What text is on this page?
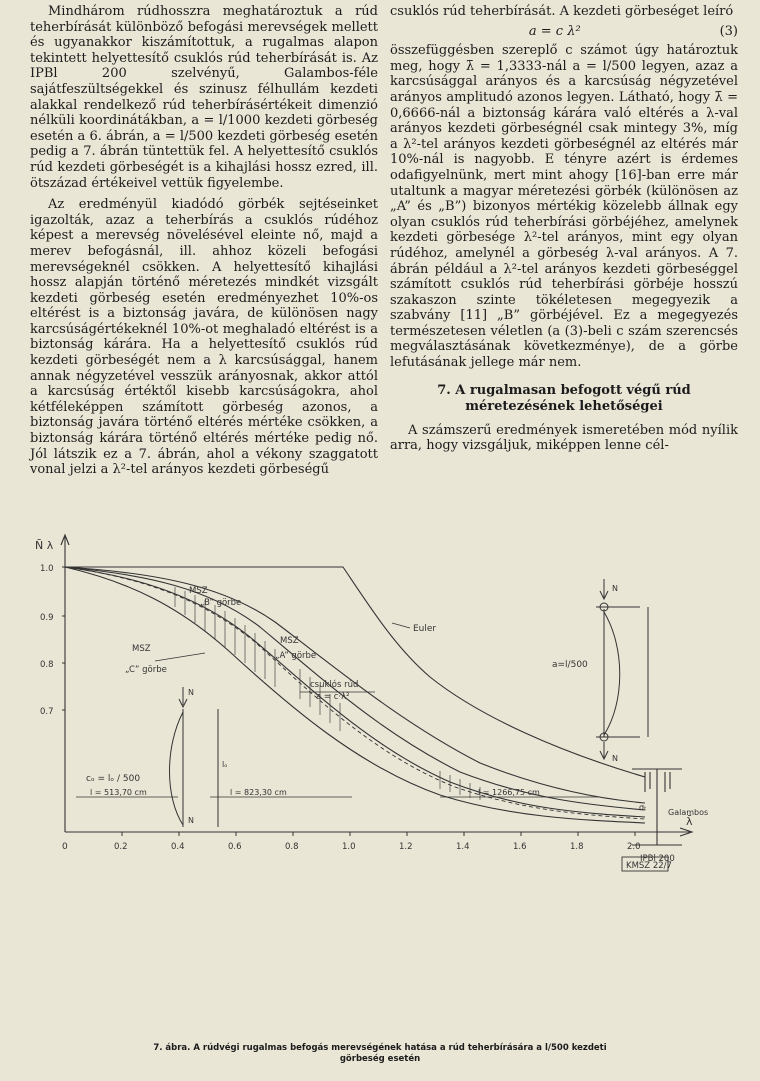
Mindhárom rúdhosszra meghatároztuk a rúd teherbírását különböző befogási merevségek mellett és ugyanakkor kiszámítottuk, a rugalmas alapon tekintett helyettesítő csuklós rúd teherbírását is. Az IPBl 200 szelvényű, Galambos-féle sajátfeszültségekkel és szinusz félhullám kezdeti alakkal rendelkező rúd teherbírásértékeit dimenzió nélküli koordinátákban, a = l/1000 kezdeti görbeség esetén a 6. ábrán, a = l/500 kezdeti görbeség esetén pedig a 7. ábrán tüntettük fel. A helyettesítő csuklós rúd kezdeti görbeségét is a kihajlási hossz ezred, ill. ötszázad értékeivel vettük figyelembe.

Az eredményül kiadódó görbék sejtéseinket igazolták, azaz a teherbírás a csuklós rúdéhoz képest a merevség növelésével eleinte nő, majd a merev befogásnál, ill. ahhoz közeli befogási merevségeknél csökken. A helyettesítő kihajlási hossz alapján történő méretezés mindkét vizsgált kezdeti görbeség esetén eredményezhet 10%-os eltérést is a biztonság javára, de különösen nagy karcsúságértékeknél 10%-ot meghaladó eltérést is a biztonság kárára. Ha a helyettesítő csuklós rúd kezdeti görbeségét nem a λ karcsúsággal, hanem annak négyzetével vesszük arányosnak, akkor attól a karcsúság értéktől kisebb karcsúságokra, ahol kétféleképpen számított görbeség azonos, a biztonság javára történő eltérés mértéke csökken, a biztonság kárára történő eltérés mértéke pedig nő. Jól látszik ez a 7. ábrán, ahol a vékony szaggatott vonal jelzi a λ²-tel arányos kezdeti görbeségű

csuklós rúd teherbírását. A kezdeti görbeséget leíró

a = c λ²	(3)

összefüggésben szereplő c számot úgy határoztuk meg, hogy λ̄ = 1,3333-nál a = l/500 legyen, azaz a karcsúsággal arányos és a karcsúság négyzetével arányos amplitudó azonos legyen. Látható, hogy λ̄ = 0,6666-nál a biztonság kárára való eltérés a λ-val arányos kezdeti görbeségnél csak mintegy 3%, míg a λ²-tel arányos kezdeti görbeségnél az eltérés már 10%-nál is nagyobb. E tényre azért is érdemes odafigyelnünk, mert mint ahogy [16]-ban erre már utaltunk a magyar méretezési görbék (különösen az „A” és „B”) bizonyos mértékig közelebb állnak egy olyan csuklós rúd teherbírási görbéjéhez, amelynek kezdeti görbesége λ²-tel arányos, mint egy olyan rúdéhoz, amelynél a görbeség λ-val arányos. A 7. ábrán például a λ²-tel arányos kezdeti görbeséggel számított csuklós rúd teherbírási görbéje hosszú szakaszon szinte tökéletesen megegyezik a szabvány [11] „B” görbéjével. Ez a megegyezés természetesen véletlen (a (3)-beli c szám szerencsés megválasztásának következménye), de a görbe lefutásának jellege már nem.

7. A rugalmasan befogott végű rúd méretezésének lehetőségei

A számszerű eredmények ismeretében mód nyílik arra, hogy vizsgáljuk, miképpen lenne cél-

N̄ λ
λ̄
0
1.0
0.9
0.8
0.7
0.2	0.4	0.6	0.8	1.0	1.2	1.4	1.6	1.8	2.0
Euler
MSZ
„B” görbe
MSZ
„A” görbe
MSZ
„C” görbe
csuklós rúd
a = c·λ²
N
N
cₒ = lₒ / 500
lₒ
N
N
a=l/500
σₜ
Galambos
IPBl 200
l = 513,70 cm	l = 823,30 cm	l = 1266,75 cm
KMSZ 22/7
7. ábra. A rúdvégi rugalmas befogás merevségének hatása a rúd teherbírására a l/500 kezdeti görbeség esetén
